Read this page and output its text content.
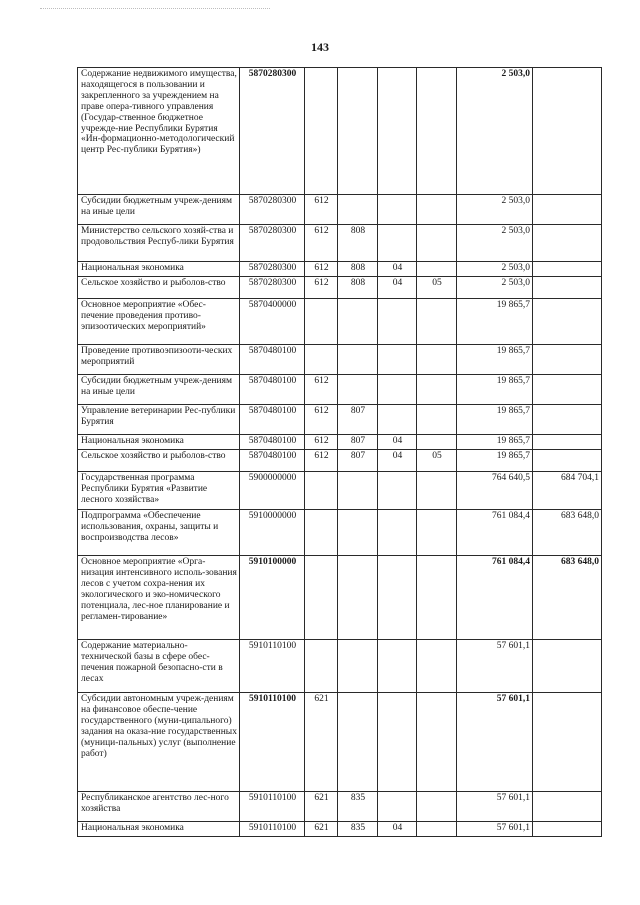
143
Содержание недвижимого имущества, находящегося в пользовании и закрепленного за учреждением на праве опера-тивного управления (Государ-ственное бюджетное учрежде-ние Республики Бурятия «Ин-формационно-методологический центр Рес-публики Бурятия»)	5870280300					2 503,0	
Субсидии бюджетным учреж-дениям на иные цели	5870280300	612				2 503,0	
Министерство сельского хозяй-ства и продовольствия Респуб-лики Бурятия	5870280300	612	808			2 503,0	
Национальная экономика	5870280300	612	808	04		2 503,0	
Сельское хозяйство и рыболов-ство	5870280300	612	808	04	05	2 503,0	
Основное мероприятие «Обес-печение проведения противо-эпизоотических мероприятий»	5870400000					19 865,7	
Проведение противоэпизооти-ческих мероприятий	5870480100					19 865,7	
Субсидии бюджетным учреж-дениям на иные цели	5870480100	612				19 865,7	
Управление ветеринарии Рес-публики Бурятия	5870480100	612	807			19 865,7	
Национальная экономика	5870480100	612	807	04		19 865,7	
Сельское хозяйство и рыболов-ство	5870480100	612	807	04	05	19 865,7	
Государственная программа Республики Бурятия «Развитие лесного хозяйства»	5900000000					764 640,5	684 704,1
Подпрограмма «Обеспечение использования, охраны, защиты и воспроизводства лесов»	5910000000					761 084,4	683 648,0
Основное мероприятие «Орга-низация интенсивного исполь-зования лесов с учетом сохра-нения их экологического и эко-номического потенциала, лес-ное планирование и регламен-тирование»	5910100000					761 084,4	683 648,0
Содержание материально-технической базы в сфере обес-печения пожарной безопасно-сти в лесах	5910110100					57 601,1	
Субсидии автономным учреж-дениям на финансовое обеспе-чение государственного (муни-ципального) задания на оказа-ние государственных (муници-пальных) услуг (выполнение работ)	5910110100	621				57 601,1	
Республиканское агентство лес-ного хозяйства	5910110100	621	835			57 601,1	
Национальная экономика	5910110100	621	835	04		57 601,1	
